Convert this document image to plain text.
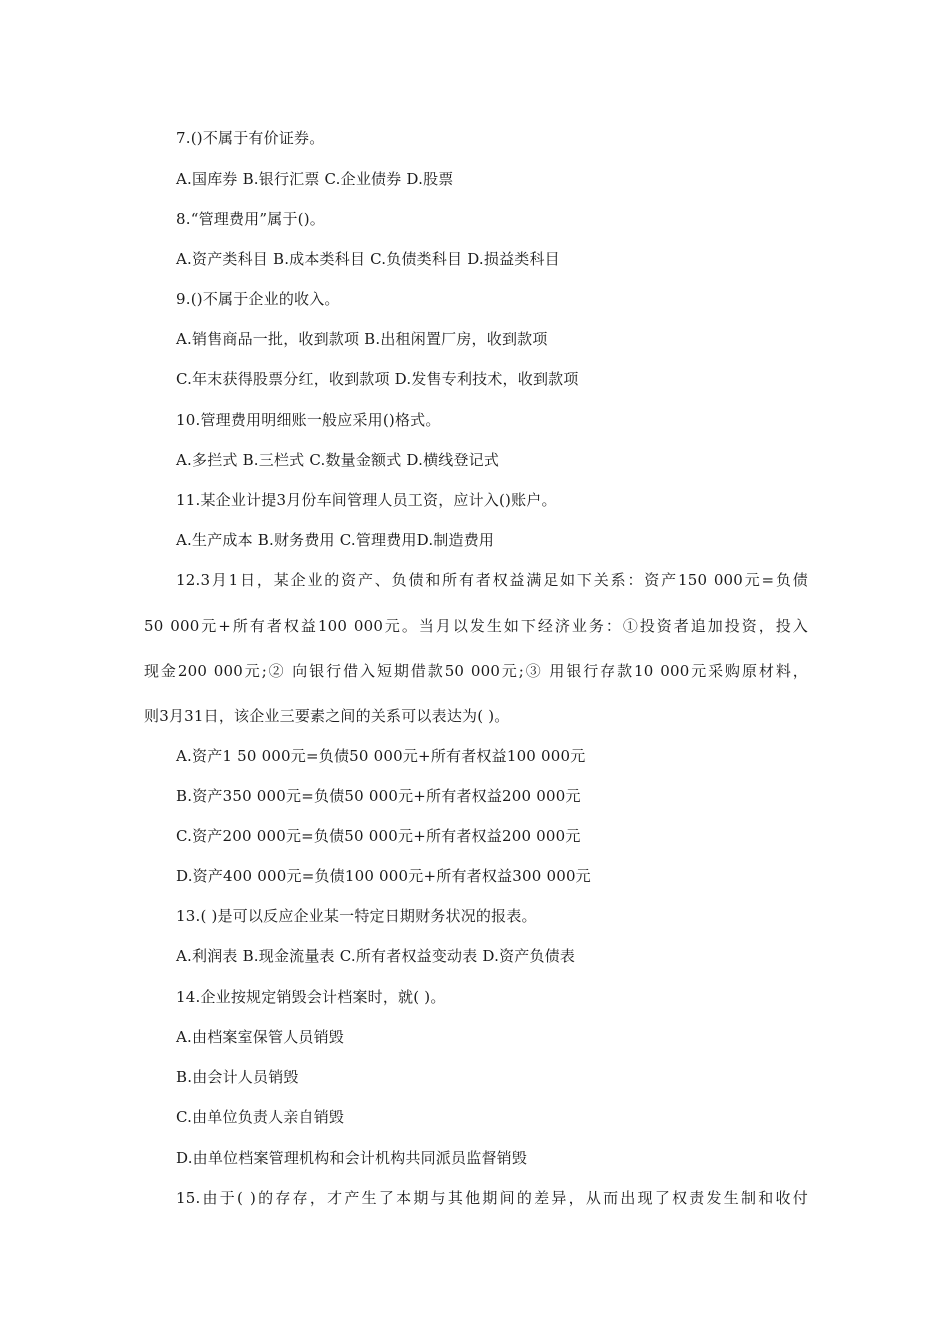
7.()不属于有价证券。
A.国库券 B.银行汇票 C.企业债券 D.股票
8.“管理费用”属于()。
A.资产类科目 B.成本类科目 C.负债类科目 D.损益类科目
9.()不属于企业的收入。
A.销售商品一批，收到款项 B.出租闲置厂房，收到款项
C.年末获得股票分红，收到款项 D.发售专利技术，收到款项
10.管理费用明细账一般应采用()格式。
A.多拦式 B.三栏式 C.数量金额式 D.横线登记式
11.某企业计提3月份车间管理人员工资，应计入()账户。
A.生产成本 B.财务费用 C.管理费用D.制造费用
12.3月1日，某企业的资产、负债和所有者权益满足如下关系：资产150 000元=负债
50 000元+所有者权益100 000元。当月以发生如下经济业务：①投资者追加投资，投入
现金200 000元;② 向银行借入短期借款50 000元;③ 用银行存款10 000元采购原材料，
则3月31日，该企业三要素之间的关系可以表达为( )。
A.资产1 50 000元=负债50 000元+所有者权益100 000元
B.资产350 000元=负债50 000元+所有者权益200 000元
C.资产200 000元=负债50 000元+所有者权益200 000元
D.资产400 000元=负债100 000元+所有者权益300 000元
13.( )是可以反应企业某一特定日期财务状况的报表。
A.利润表 B.现金流量表 C.所有者权益变动表 D.资产负债表
14.企业按规定销毁会计档案时，就( )。
A.由档案室保管人员销毁
B.由会计人员销毁
C.由单位负责人亲自销毁
D.由单位档案管理机构和会计机构共同派员监督销毁
15.由于( )的存存，才产生了本期与其他期间的差异，从而出现了权责发生制和收付
